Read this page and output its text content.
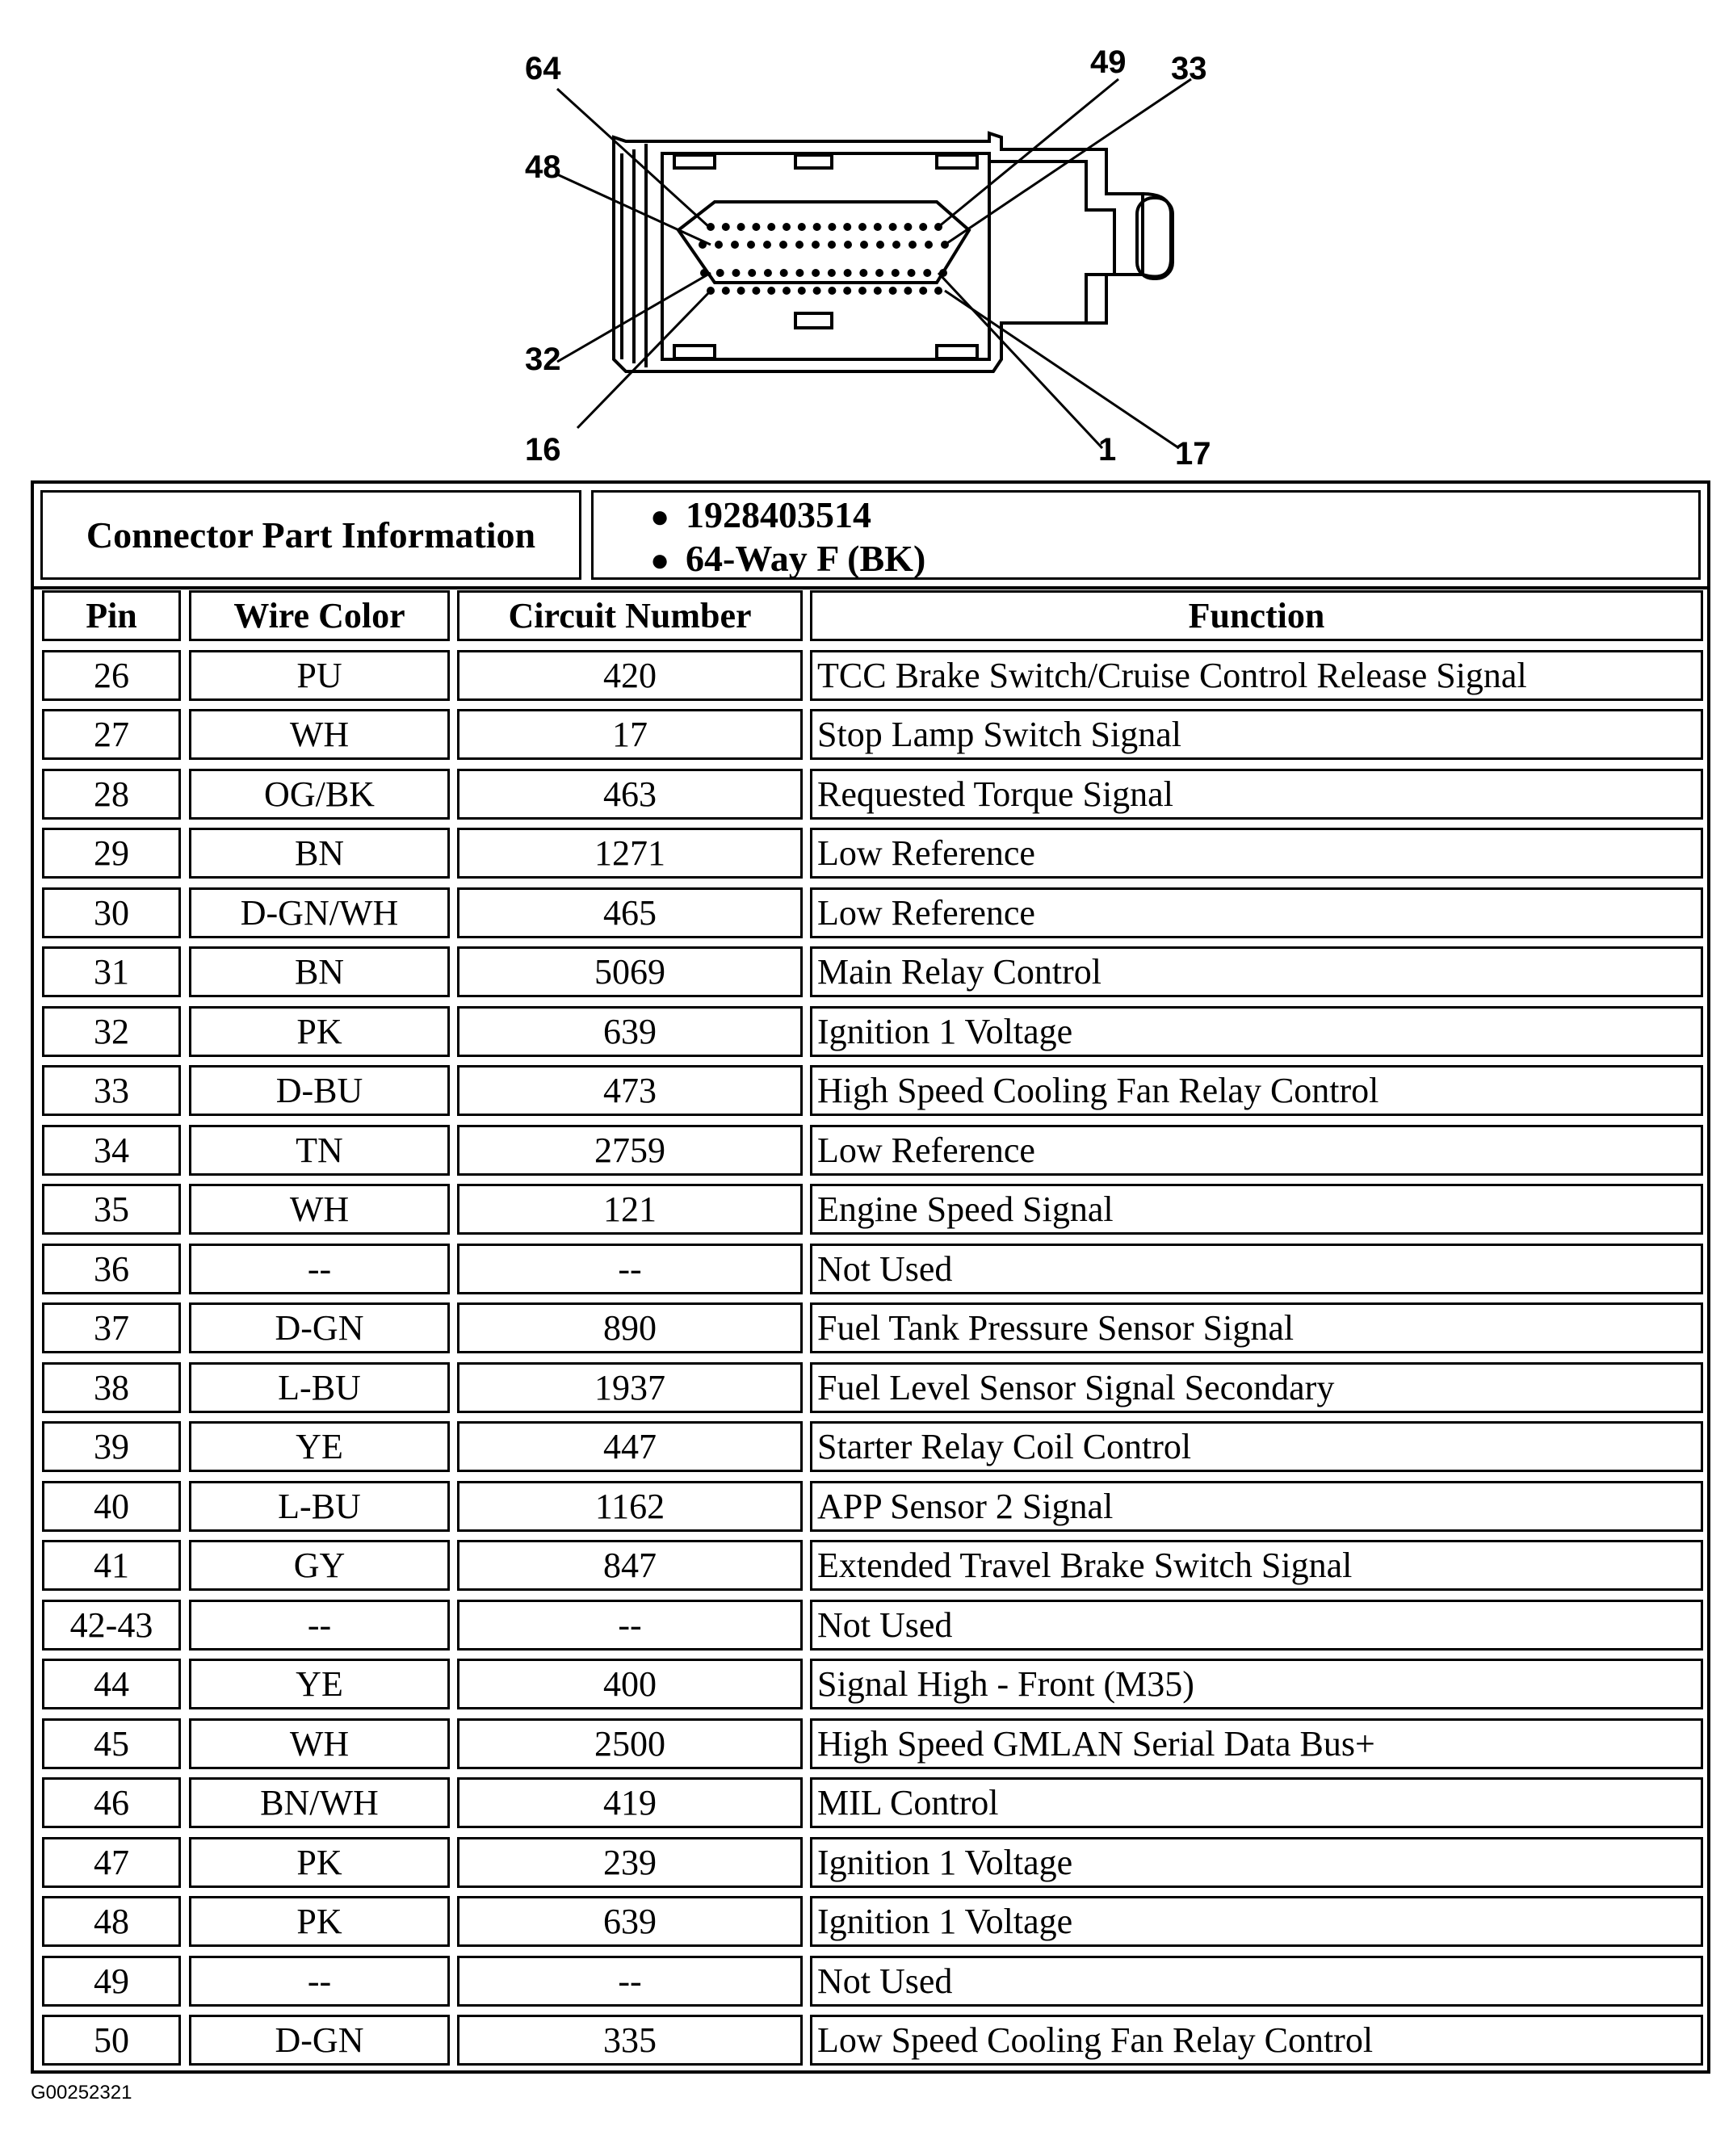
64
48
32
16
49 33
1 17
Connector Part Information	● 1928403514
● 64-Way F (BK)
Pin	Wire Color	Circuit Number	Function
26	PU	420	TCC Brake Switch/Cruise Control Release Signal
27	WH	17	Stop Lamp Switch Signal
28	OG/BK	463	Requested Torque Signal
29	BN	1271	Low Reference
30	D-GN/WH	465	Low Reference
31	BN	5069	Main Relay Control
32	PK	639	Ignition 1 Voltage
33	D-BU	473	High Speed Cooling Fan Relay Control
34	TN	2759	Low Reference
35	WH	121	Engine Speed Signal
36	--	--	Not Used
37	D-GN	890	Fuel Tank Pressure Sensor Signal
38	L-BU	1937	Fuel Level Sensor Signal Secondary
39	YE	447	Starter Relay Coil Control
40	L-BU	1162	APP Sensor 2 Signal
41	GY	847	Extended Travel Brake Switch Signal
42-43	--	--	Not Used
44	YE	400	Signal High - Front (M35)
45	WH	2500	High Speed GMLAN Serial Data Bus+
46	BN/WH	419	MIL Control
47	PK	239	Ignition 1 Voltage
48	PK	639	Ignition 1 Voltage
49	--	--	Not Used
50	D-GN	335	Low Speed Cooling Fan Relay Control
G00252321
